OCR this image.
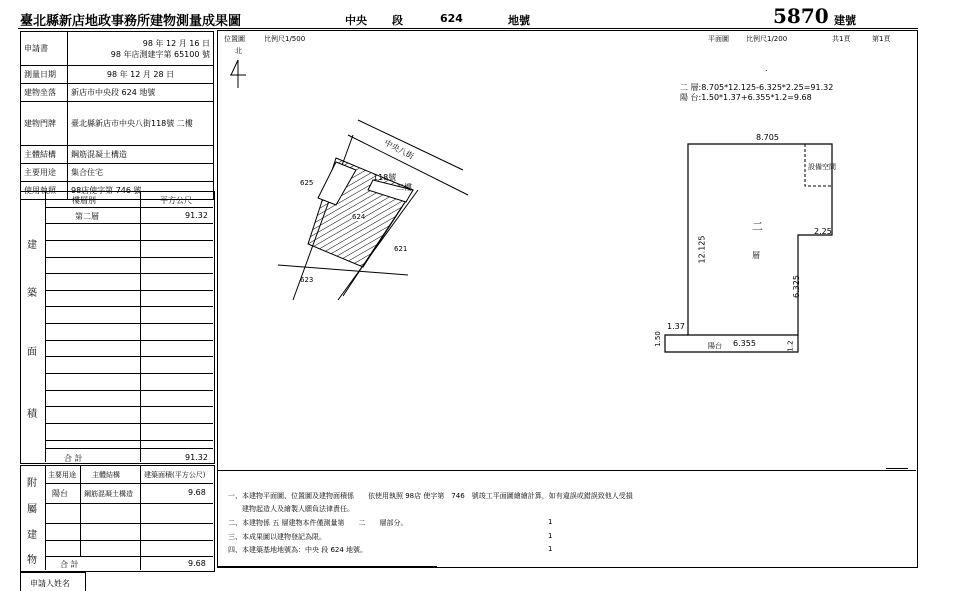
臺北縣新店地政事務所建物測量成果圖	中央 段	624	地號	5870 建號
申請書	98 年 12 月 16 日
98 年店測建字第 65100 號
測量日期	98 年 12 月 28 日
建物坐落	新店市中央段 624 地號
建物門牌	臺北縣新店市中央八街118號 二樓
主體結構	鋼筋混凝土構造
主要用途	集合住宅
使用執照	98店使字第 746 號
樓層別	平方公尺
第二層	91.32
建
築
面
積
合 計	91.32
主要用途 主體結構	建築面積(平方公尺)
陽台 鋼筋混凝土構造	9.68
附
屬
建
物	合 計	9.68
申請人姓名
位置圖	比例尺1/500
北
中央八街
118號
二樓
625
624
621
623
平面圖 比例尺1/200	共1頁	第1頁
二 層:8.705*12.125-6.325*2.25=91.32
陽 台:1.50*1.37+6.355*1.2=9.68
8.705
12.125
2.25
6.325
1.37
1.50	6.355	1.2
設備空間
二
層
陽台
.
一、本建物平面圖、位置圖及建物面積係　　依使用執照 98店 使字第　746　號竣工平面圖繪繪計算，如有違誤或錯誤致他人受損
　　建物起造人及繪製人願負法律責任。
二、本建物係 五 層建物本件僅測量第　　二　　層部分。
三、本成果圖以建物登記為限。
四、本建築基地地號為：中央 段 624 地號。
1
1
1
